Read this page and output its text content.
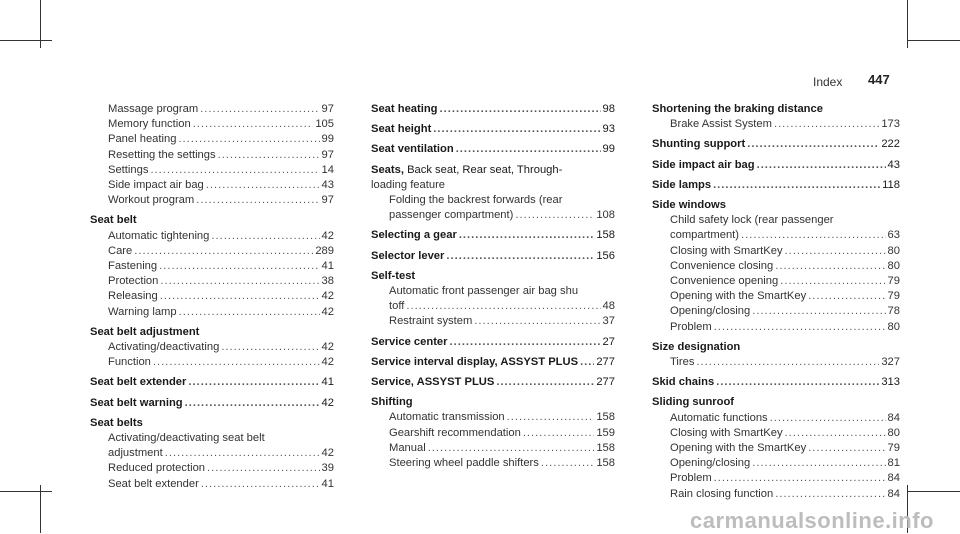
Index 447
Massage program .....	97
Memory function .....	105
Panel heating .....	99
Resetting the settings .....	97
Settings .....	14
Side impact air bag .....	43
Workout program .....	97
Seat belt
Automatic tightening .....	42
Care .....	289
Fastening .....	41
Protection .....	38
Releasing .....	42
Warning lamp .....	42
Seat belt adjustment
Activating/deactivating .....	42
Function .....	42
Seat belt extender .....	41
Seat belt warning .....	42
Seat belts
Activating/deactivating seat belt
adjustment .....	42
Reduced protection .....	39
Seat belt extender .....	41
Seat heating .....	98
Seat height .....	93
Seat ventilation .....	99
Seats, Back seat, Rear seat, Through-
loading feature
Folding the backrest forwards (rear
passenger compartment) .....	108
Selecting a gear .....	158
Selector lever .....	156
Self-test
Automatic front passenger air bag shu
toff .....	48
Restraint system .....	37
Service center .....	27
Service interval display, ASSYST PLUS ..... 277
Service, ASSYST PLUS .....	277
Shifting
Automatic transmission .....	158
Gearshift recommendation .....	159
Manual .....	158
Steering wheel paddle shifters .....	158
Shortening the braking distance
Brake Assist System .....	173
Shunting support .....	222
Side impact air bag .....	43
Side lamps .....	118
Side windows
Child safety lock (rear passenger
compartment) .....	63
Closing with SmartKey .....	80
Convenience closing .....	80
Convenience opening .....	79
Opening with the SmartKey .....	79
Opening/closing .....	78
Problem .....	80
Size designation
Tires .....	327
Skid chains .....	313
Sliding sunroof
Automatic functions .....	84
Closing with SmartKey .....	80
Opening with the SmartKey .....	79
Opening/closing .....	81
Problem .....	84
Rain closing function .....	84
carmanualsonline.info
